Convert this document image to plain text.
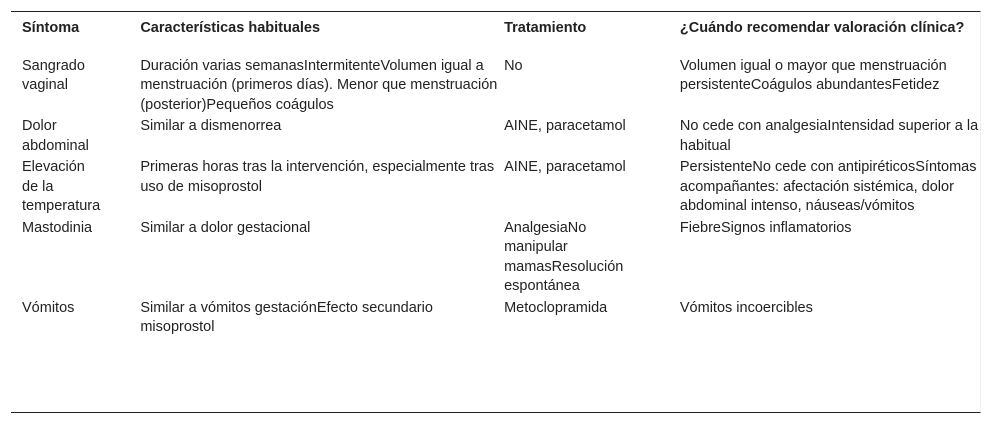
Síntoma	Características habituales	Tratamiento	¿Cuándo recomendar valoración clínica?
Sangrado vaginal	Duración varias semanasIntermitenteVolumen igual a menstruación (primeros días). Menor que menstruación (posterior)Pequeños coágulos	No	Volumen igual o mayor que menstruación persistenteCoágulos abundantesFetidez
Dolor abdominal	Similar a dismenorrea	AINE, paracetamol	No cede con analgesiaIntensidad superior a la habitual
Elevación de la temperatura	Primeras horas tras la intervención, especialmente tras uso de misoprostol	AINE, paracetamol	PersistenteNo cede con antipiréticosSíntomas acompañantes: afectación sistémica, dolor abdominal intenso, náuseas/vómitos
Mastodinia	Similar a dolor gestacional	AnalgesiaNo manipular mamasResolución espontánea	FiebreSignos inflamatorios
Vómitos	Similar a vómitos gestaciónEfecto secundario misoprostol	Metoclopramida	Vómitos incoercibles
